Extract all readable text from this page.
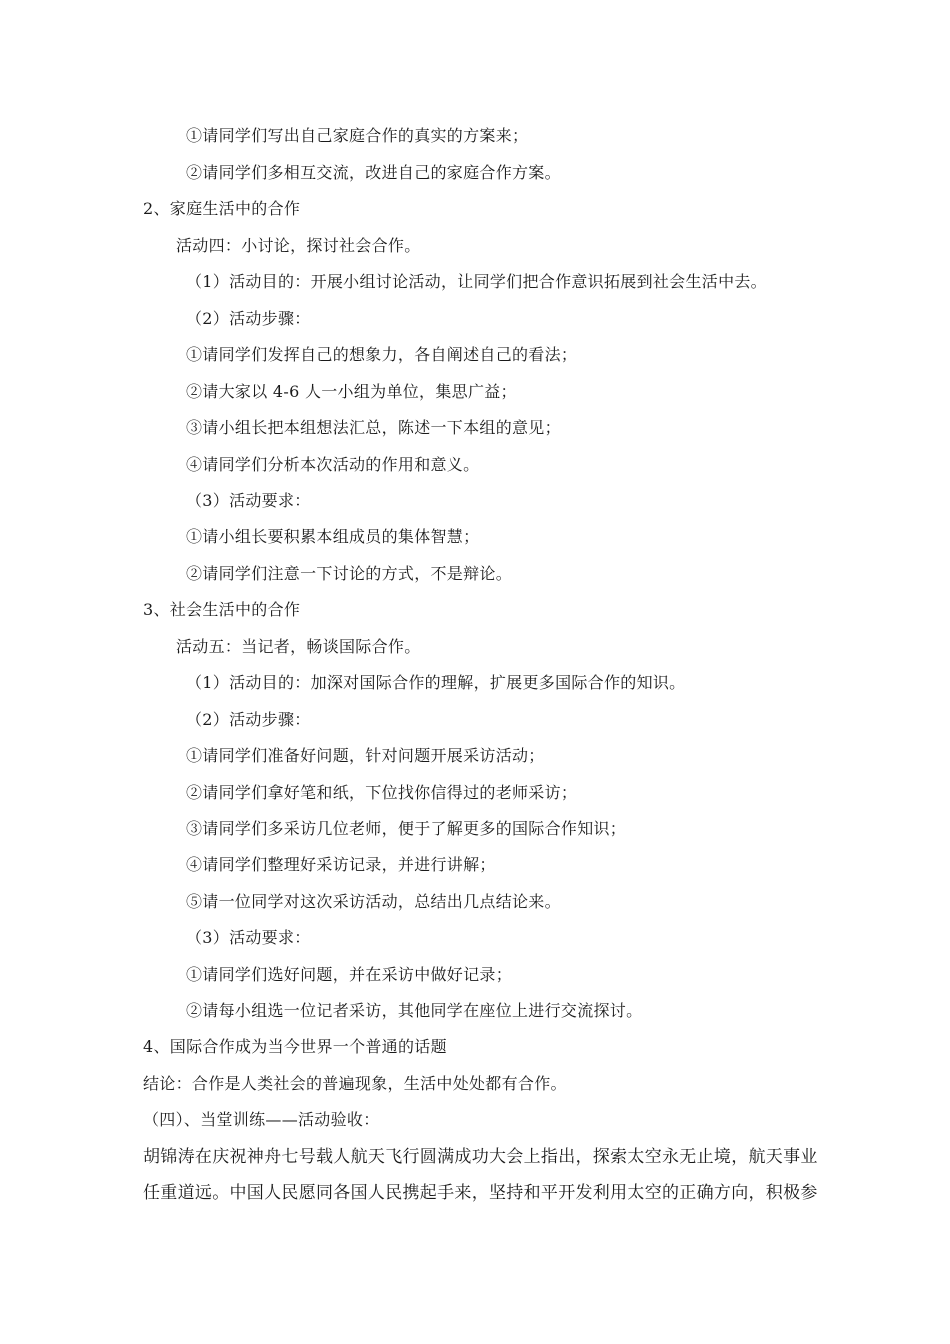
①请同学们写出自己家庭合作的真实的方案来；
②请同学们多相互交流，改进自己的家庭合作方案。
2、家庭生活中的合作
活动四：小讨论，探讨社会合作。
（1）活动目的：开展小组讨论活动，让同学们把合作意识拓展到社会生活中去。
（2）活动步骤：
①请同学们发挥自己的想象力，各自阐述自己的看法；
②请大家以 4-6 人一小组为单位，集思广益；
③请小组长把本组想法汇总，陈述一下本组的意见；
④请同学们分析本次活动的作用和意义。
（3）活动要求：
①请小组长要积累本组成员的集体智慧；
②请同学们注意一下讨论的方式，不是辩论。
3、社会生活中的合作
活动五：当记者，畅谈国际合作。
（1）活动目的：加深对国际合作的理解，扩展更多国际合作的知识。
（2）活动步骤：
①请同学们准备好问题，针对问题开展采访活动；
②请同学们拿好笔和纸，下位找你信得过的老师采访；
③请同学们多采访几位老师，便于了解更多的国际合作知识；
④请同学们整理好采访记录，并进行讲解；
⑤请一位同学对这次采访活动，总结出几点结论来。
（3）活动要求：
①请同学们选好问题，并在采访中做好记录；
②请每小组选一位记者采访，其他同学在座位上进行交流探讨。
4、国际合作成为当今世界一个普通的话题
结论：合作是人类社会的普遍现象，生活中处处都有合作。
（四）、当堂训练——活动验收：
胡锦涛在庆祝神舟七号载人航天飞行圆满成功大会上指出，探索太空永无止境，航天事业
任重道远。中国人民愿同各国人民携起手来，坚持和平开发利用太空的正确方向，积极参
